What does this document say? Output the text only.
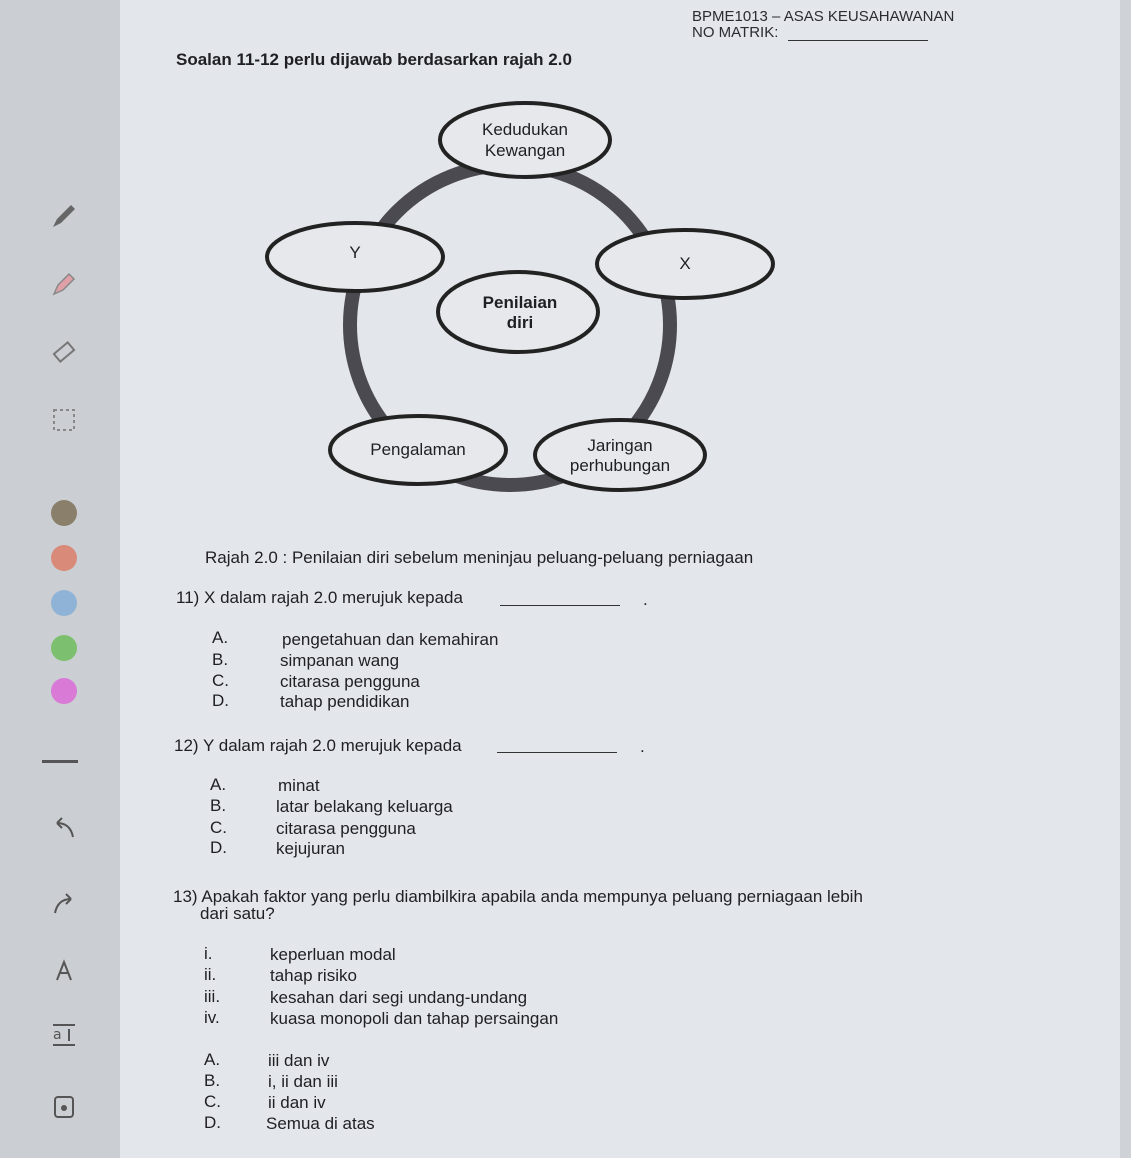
a
BPME1013 – ASAS KEUSAHAWANAN
NO MATRIK:
Soalan 11-12 perlu dijawab berdasarkan rajah 2.0
Kedudukan
Kewangan
Y
X
Penilaian
diri
Pengalaman	Jaringan
perhubungan
Rajah 2.0 : Penilaian diri sebelum meninjau peluang-peluang perniagaan
11) X dalam rajah 2.0 merujuk kepada	.
A.	pengetahuan dan kemahiran
B.	simpanan wang
C.	citarasa pengguna
D.	tahap pendidikan
12) Y dalam rajah 2.0 merujuk kepada	.
A.	minat
B.	latar belakang keluarga
C.	citarasa pengguna
D.	kejujuran
13) Apakah faktor yang perlu diambilkira apabila anda mempunya peluang perniagaan lebih
dari satu?
i.	keperluan modal
ii.	tahap risiko
iii.	kesahan dari segi undang-undang
iv.	kuasa monopoli dan tahap persaingan
A.	iii dan iv
B.	i, ii dan iii
C.	ii dan iv
D.	Semua di atas
